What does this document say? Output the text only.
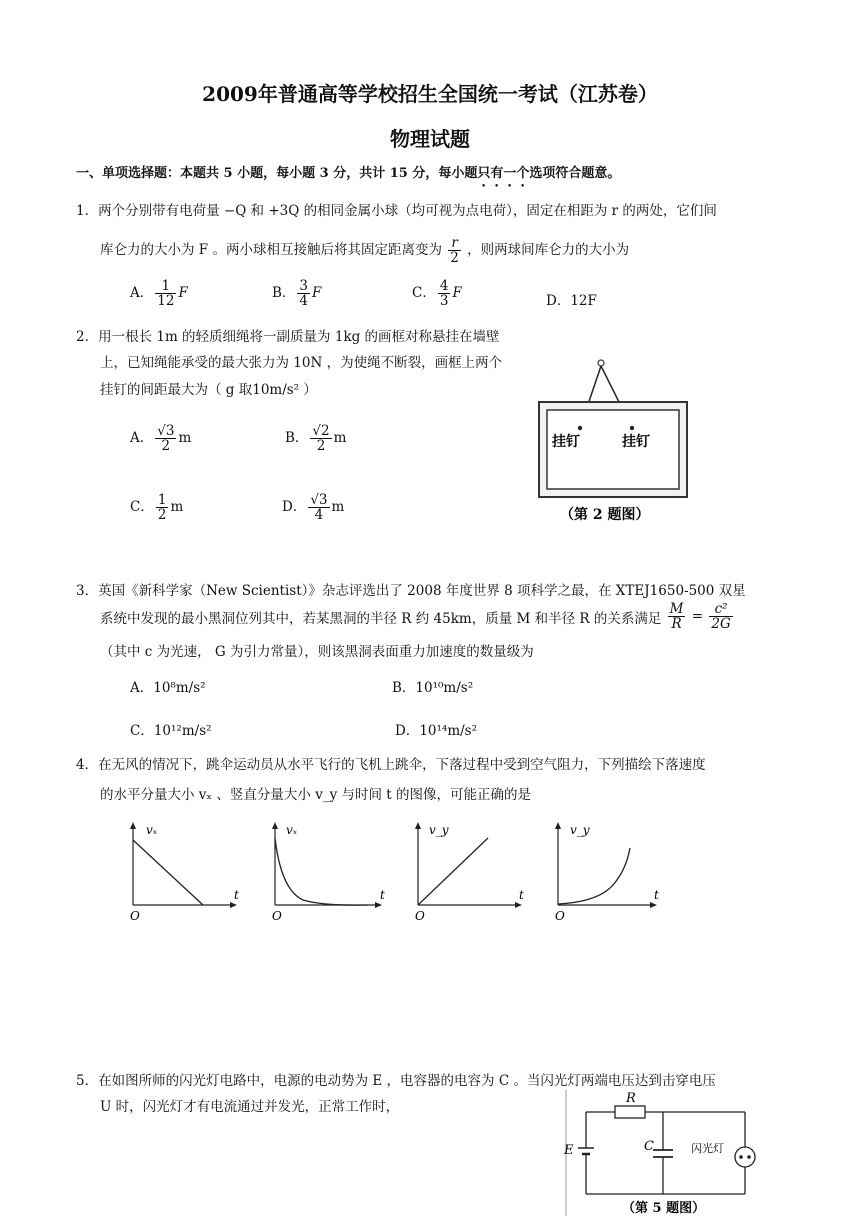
2009年普通高等学校招生全国统一考试（江苏卷）
物理试题
一、单项选择题：本题共 5 小题，每小题 3 分，共计 15 分，每小题只有一个选项符合题意。
1．两个分别带有电荷量 −Q 和 +3Q 的相同金属小球（均可视为点电荷），固定在相距为 r 的两处，它们间
库仑力的大小为 F 。两小球相互接触后将其固定距离变为 $\frac{r}{2}$ ，则两球间库仑力的大小为
A． $\frac{1}{12}$ F	B． $\frac{3}{4}$ F	C． $\frac{4}{3}$ F	D．12F
2．用一根长 1m 的轻质细绳将一副质量为 1kg 的画框对称悬挂在墙壁
上，已知绳能承受的最大张力为 10N ，为使绳不断裂，画框上两个
挂钉的间距最大为（ g 取10m/s² ）
A． $\frac{√3}{2}$ m	B． $\frac{√2}{2}$ m
C． $\frac{1}{2}$ m	D． $\frac{√3}{4}$ m
挂钉	挂钉
（第 2 题图）
3．英国《新科学家（New Scientist）》杂志评选出了 2008 年度世界 8 项科学之最，在 XTEJ1650-500 双星
系统中发现的最小黑洞位列其中，若某黑洞的半径 R 约 45km，质量 M 和半径 R 的关系满足 $\frac{M}{R} = \frac{\text{c²}}{2G}$
（其中 c 为光速， G 为引力常量），则该黑洞表面重力加速度的数量级为
A．10⁸m/s²	B．10¹⁰m/s²
C．10¹²m/s²	D．10¹⁴m/s²
4．在无风的情况下，跳伞运动员从水平飞行的飞机上跳伞，下落过程中受到空气阻力，下列描绘下落速度
的水平分量大小 vₓ 、竖直分量大小 v_y 与时间 t 的图像，可能正确的是
vₓ
t
O
vₓ
t
O
v_y
t
O
v_y
t
O
5．在如图所师的闪光灯电路中，电源的电动势为 E ，电容器的电容为 C 。当闪光灯两端电压达到击穿电压
U 时，闪光灯才有电流通过并发光，正常工作时，
R
E	C	闪光灯
（第 5 题图）
